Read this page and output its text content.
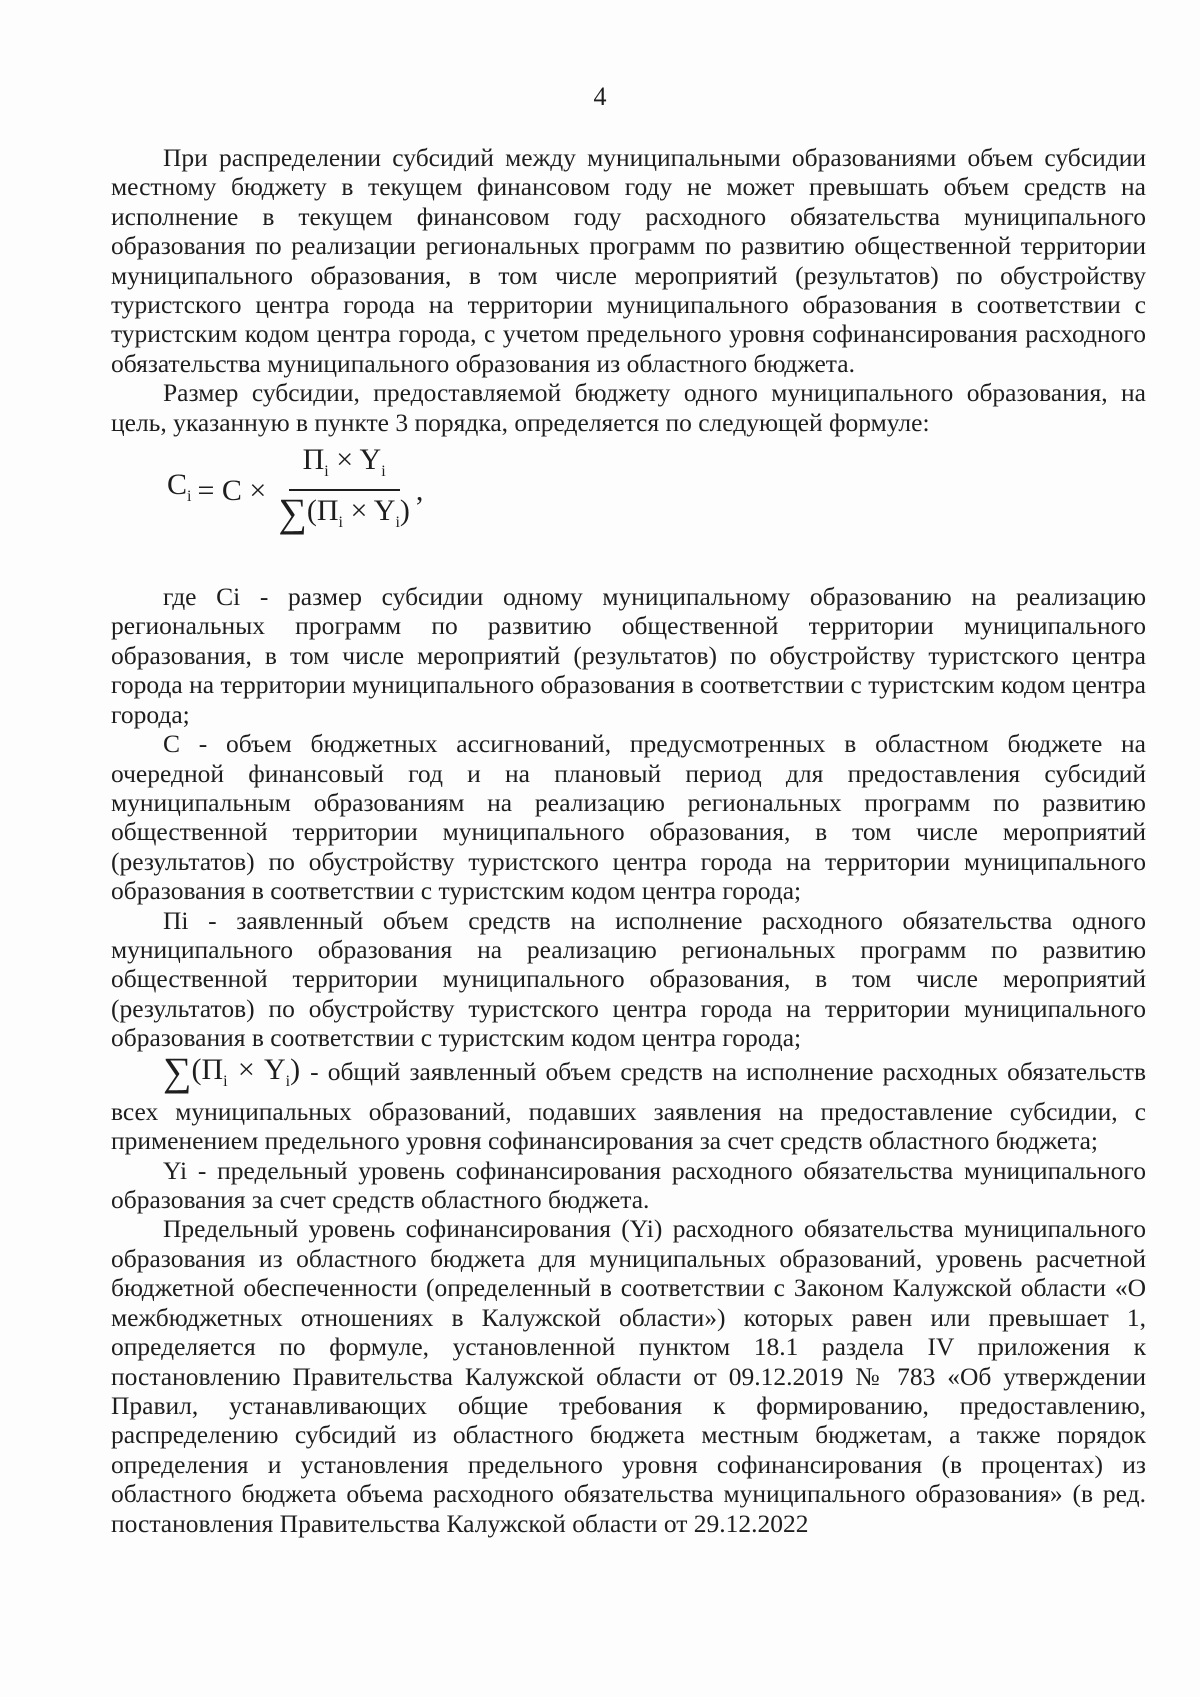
4

При распределении субсидий между муниципальными образованиями объем субсидии местному бюджету в текущем финансовом году не может превышать объем средств на исполнение в текущем финансовом году расходного обязательства муниципального образования по реализации региональных программ по развитию общественной территории муниципального образования, в том числе мероприятий (результатов) по обустройству туристского центра города на территории муниципального образования в соответствии с туристским кодом центра города, с учетом предельного уровня софинансирования расходного обязательства муниципального образования из областного бюджета.

Размер субсидии, предоставляемой бюджету одного муниципального образования, на цель, указанную в пункте 3 порядка, определяется по следующей формуле:

$C_i = C \times \frac{П_i \times Y_i}{\sum(П_i \times Y_i)}$ ,

где Ci - размер субсидии одному муниципальному образованию на реализацию региональных программ по развитию общественной территории муниципального образования, в том числе мероприятий (результатов) по обустройству туристского центра города на территории муниципального образования в соответствии с туристским кодом центра города;

C - объем бюджетных ассигнований, предусмотренных в областном бюджете на очередной финансовый год и на плановый период для предоставления субсидий муниципальным образованиям на реализацию региональных программ по развитию общественной территории муниципального образования, в том числе мероприятий (результатов) по обустройству туристского центра города на территории муниципального образования в соответствии с туристским кодом центра города;

Пi - заявленный объем средств на исполнение расходного обязательства одного муниципального образования на реализацию региональных программ по развитию общественной территории муниципального образования, в том числе мероприятий (результатов) по обустройству туристского центра города на территории муниципального образования в соответствии с туристским кодом центра города;

$\sum(П_i \times Y_i)$ - общий заявленный объем средств на исполнение расходных обязательств всех муниципальных образований, подавших заявления на предоставление субсидии, с применением предельного уровня софинансирования за счет средств областного бюджета;

Yi - предельный уровень софинансирования расходного обязательства муниципального образования за счет средств областного бюджета.

Предельный уровень софинансирования (Yi) расходного обязательства муниципального образования из областного бюджета для муниципальных образований, уровень расчетной бюджетной обеспеченности (определенный в соответствии с Законом Калужской области «О межбюджетных отношениях в Калужской области») которых равен или превышает 1, определяется по формуле, установленной пунктом 18.1 раздела IV приложения к постановлению Правительства Калужской области от 09.12.2019 № 783 «Об утверждении Правил, устанавливающих общие требования к формированию, предоставлению, распределению субсидий из областного бюджета местным бюджетам, а также порядок определения и установления предельного уровня софинансирования (в процентах) из областного бюджета объема расходного обязательства муниципального образования» (в ред. постановления Правительства Калужской области от 29.12.2022
